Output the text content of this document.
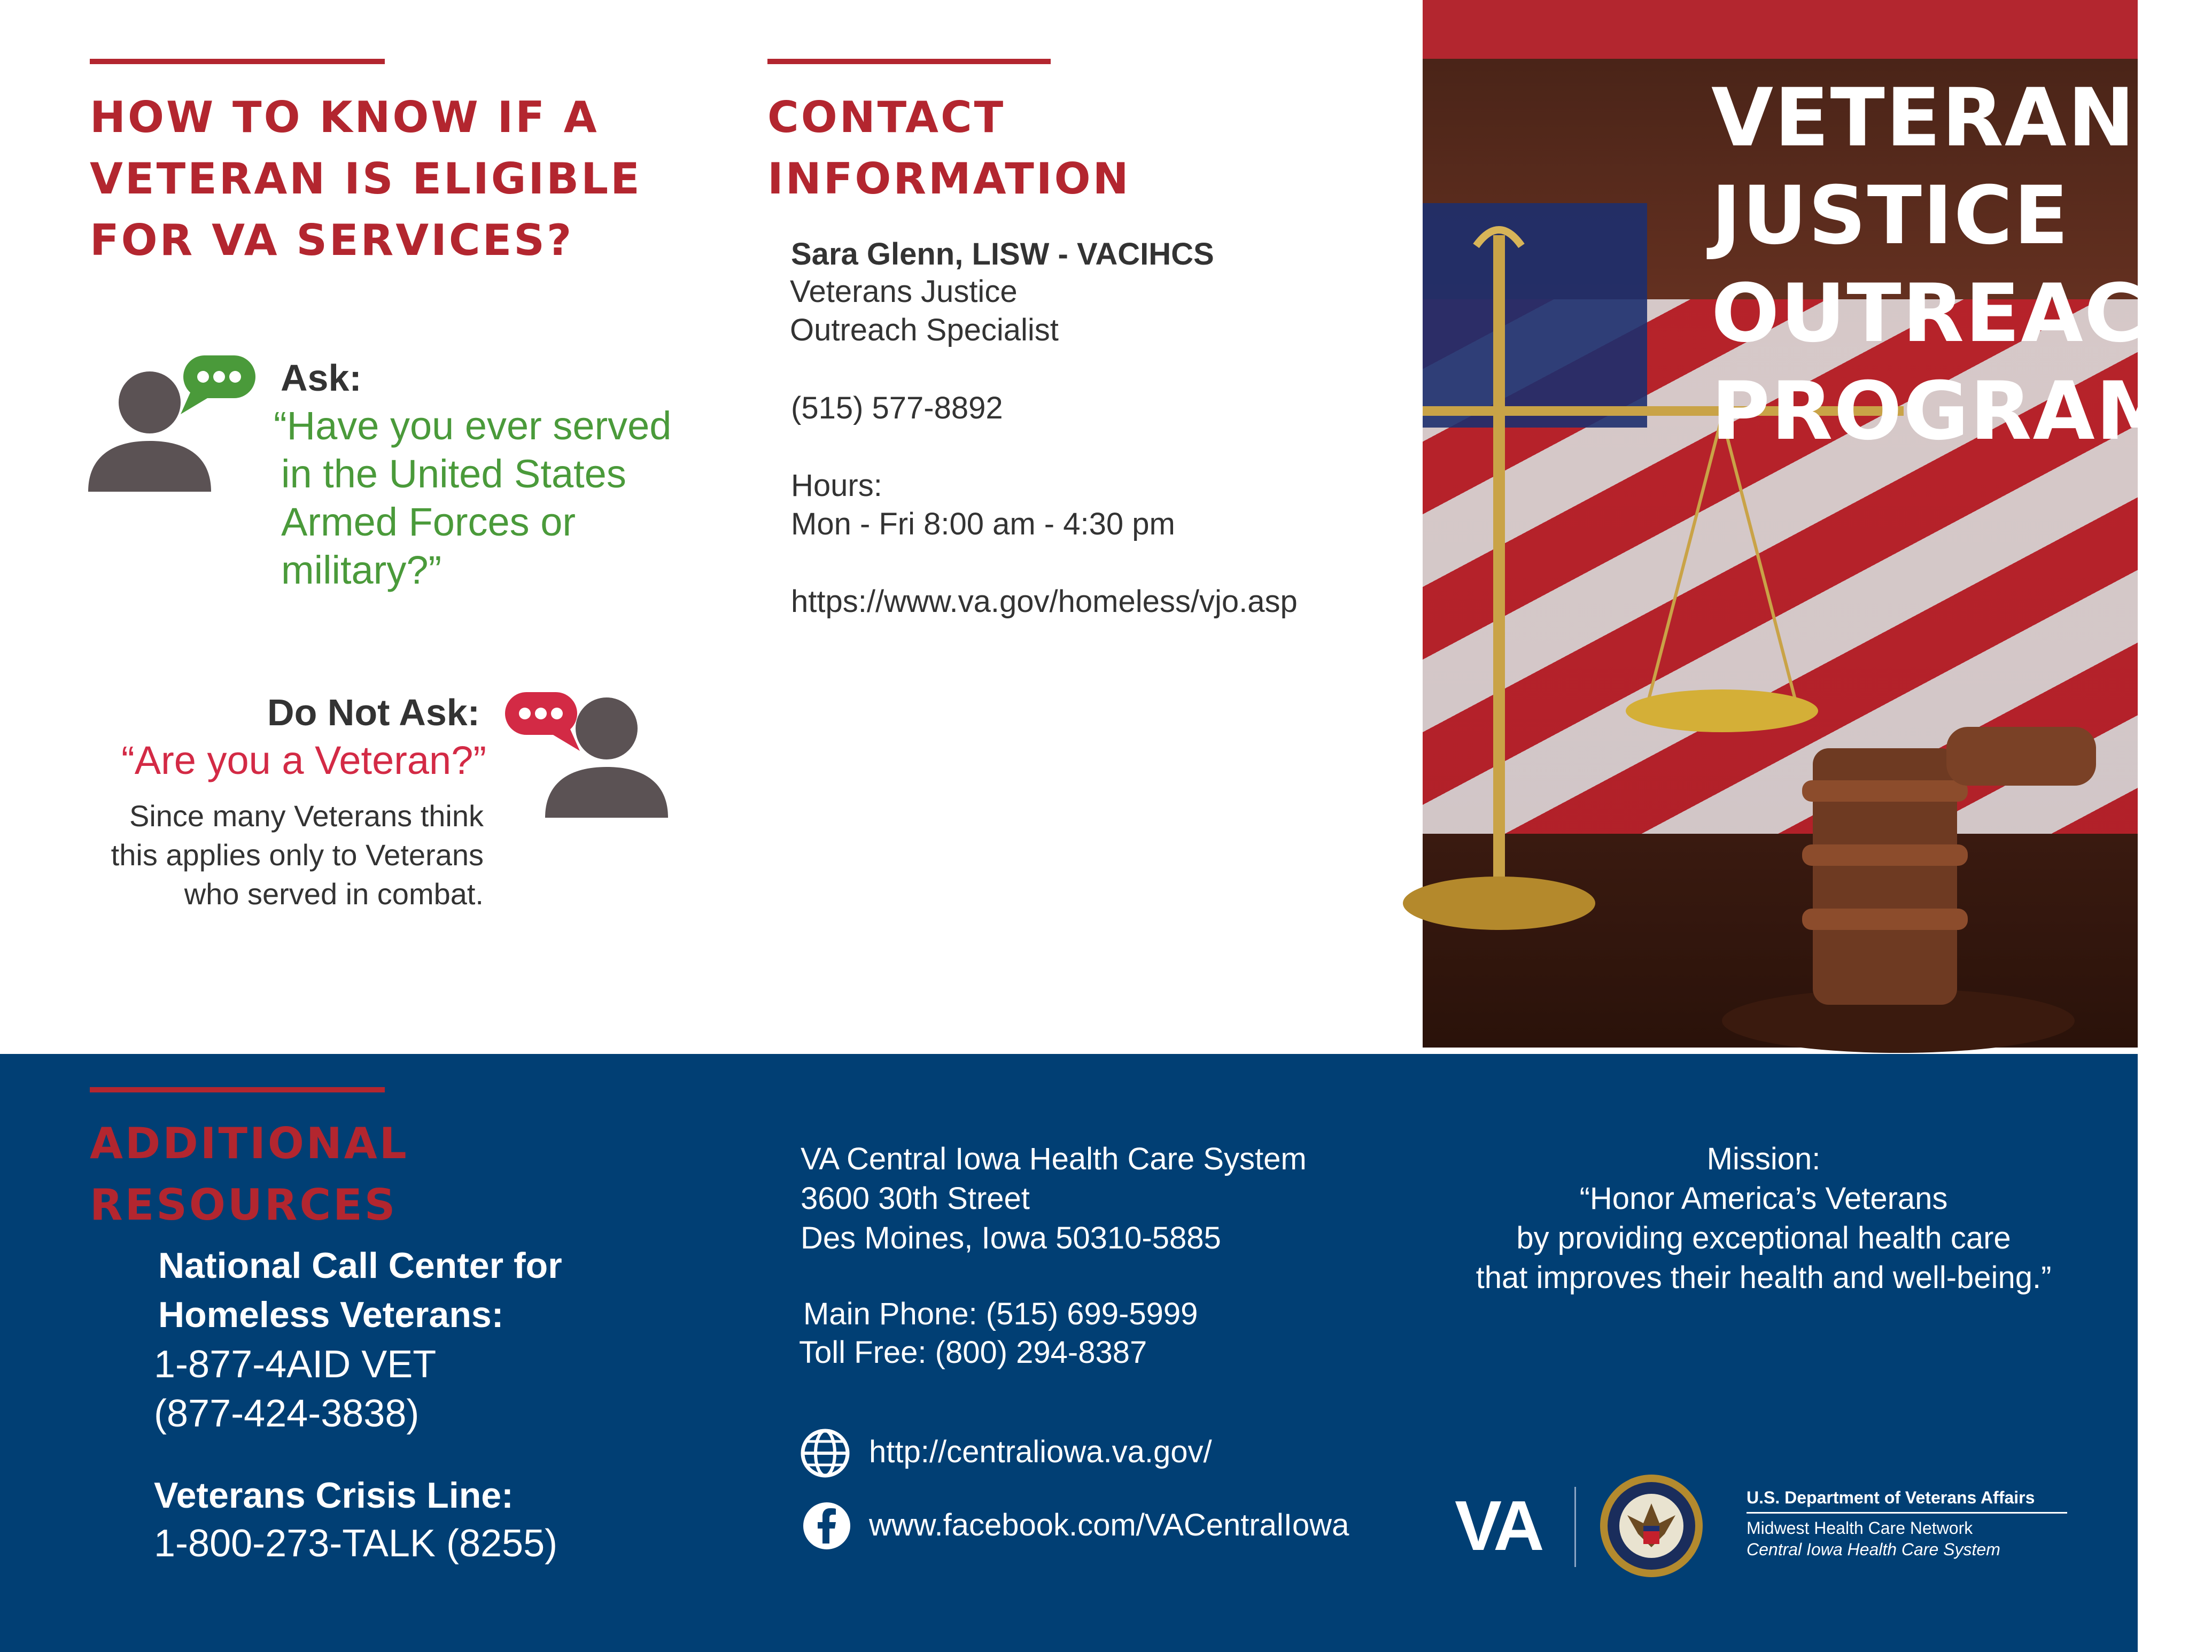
HOW TO KNOW IF A
VETERAN IS ELIGIBLE
FOR VA SERVICES?
Ask:
“Have you ever served
in the United States
Armed Forces or
military?”
Do Not Ask:
“Are you a Veteran?”
Since many Veterans think
this applies only to Veterans
who served in combat.
CONTACT
INFORMATION
Sara Glenn, LISW - VACIHCS
Veterans Justice
Outreach Specialist
(515) 577-8892
Hours:
Mon - Fri 8:00 am - 4:30 pm
https://www.va.gov/homeless/vjo.asp
VETERANS
JUSTICE
OUTREACH
PROGRAM
ADDITIONAL
RESOURCES
National Call Center for
Homeless Veterans:
1-877-4AID VET
(877-424-3838)
Veterans Crisis Line:
1-800-273-TALK (8255)
VA Central Iowa Health Care System
3600 30th Street
Des Moines, Iowa 50310-5885
Main Phone: (515) 699-5999
Toll Free: (800) 294-8387
http://centraliowa.va.gov/
www.facebook.com/VACentralIowa
Mission:
“Honor America’s Veterans
by providing exceptional health care
that improves their health and well-being.”
VA	U.S. Department of Veterans Affairs
Midwest Health Care Network
Central Iowa Health Care System
